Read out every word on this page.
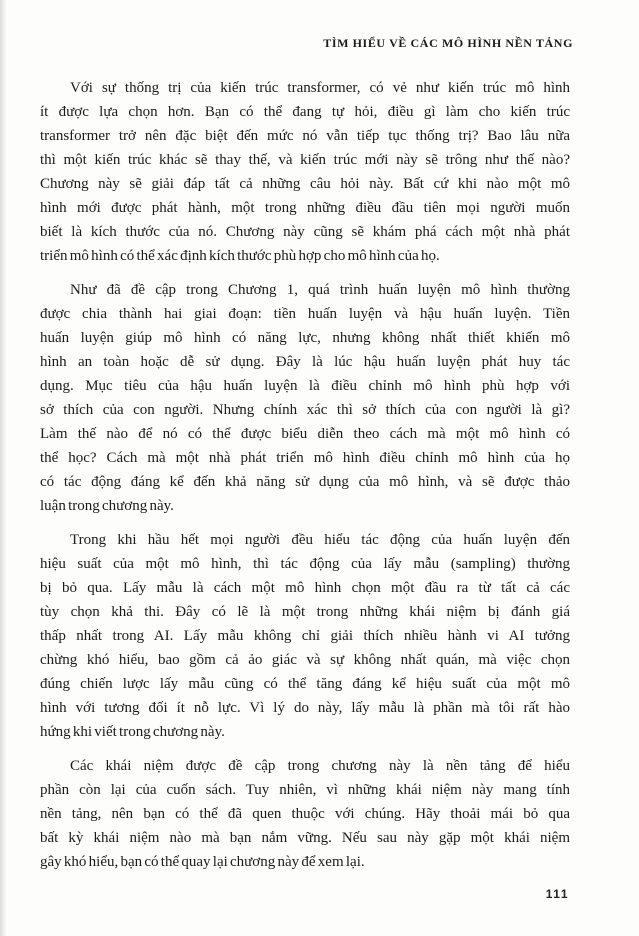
TÌM HIỂU VỀ CÁC MÔ HÌNH NỀN TẢNG
Với sự thống trị của kiến trúc transformer, có vẻ như kiến trúc mô hình
ít được lựa chọn hơn. Bạn có thể đang tự hỏi, điều gì làm cho kiến trúc
transformer trở nên đặc biệt đến mức nó vẫn tiếp tục thống trị? Bao lâu nữa
thì một kiến trúc khác sẽ thay thế, và kiến trúc mới này sẽ trông như thế nào?
Chương này sẽ giải đáp tất cả những câu hỏi này. Bất cứ khi nào một mô
hình mới được phát hành, một trong những điều đầu tiên mọi người muốn
biết là kích thước của nó. Chương này cũng sẽ khám phá cách một nhà phát
triển mô hình có thể xác định kích thước phù hợp cho mô hình của họ.
Như đã đề cập trong Chương 1, quá trình huấn luyện mô hình thường
được chia thành hai giai đoạn: tiền huấn luyện và hậu huấn luyện. Tiền
huấn luyện giúp mô hình có năng lực, nhưng không nhất thiết khiến mô
hình an toàn hoặc dễ sử dụng. Đây là lúc hậu huấn luyện phát huy tác
dụng. Mục tiêu của hậu huấn luyện là điều chỉnh mô hình phù hợp với
sở thích của con người. Nhưng chính xác thì sở thích của con người là gì?
Làm thế nào để nó có thể được biểu diễn theo cách mà một mô hình có
thể học? Cách mà một nhà phát triển mô hình điều chỉnh mô hình của họ
có tác động đáng kể đến khả năng sử dụng của mô hình, và sẽ được thảo
luận trong chương này.
Trong khi hầu hết mọi người đều hiểu tác động của huấn luyện đến
hiệu suất của một mô hình, thì tác động của lấy mẫu (sampling) thường
bị bỏ qua. Lấy mẫu là cách một mô hình chọn một đầu ra từ tất cả các
tùy chọn khả thi. Đây có lẽ là một trong những khái niệm bị đánh giá
thấp nhất trong AI. Lấy mẫu không chỉ giải thích nhiều hành vi AI tưởng
chừng khó hiểu, bao gồm cả ảo giác và sự không nhất quán, mà việc chọn
đúng chiến lược lấy mẫu cũng có thể tăng đáng kể hiệu suất của một mô
hình với tương đối ít nỗ lực. Vì lý do này, lấy mẫu là phần mà tôi rất hào
hứng khi viết trong chương này.
Các khái niệm được đề cập trong chương này là nền tảng để hiểu
phần còn lại của cuốn sách. Tuy nhiên, vì những khái niệm này mang tính
nền tảng, nên bạn có thể đã quen thuộc với chúng. Hãy thoải mái bỏ qua
bất kỳ khái niệm nào mà bạn nắm vững. Nếu sau này gặp một khái niệm
gây khó hiểu, bạn có thể quay lại chương này để xem lại.
111
